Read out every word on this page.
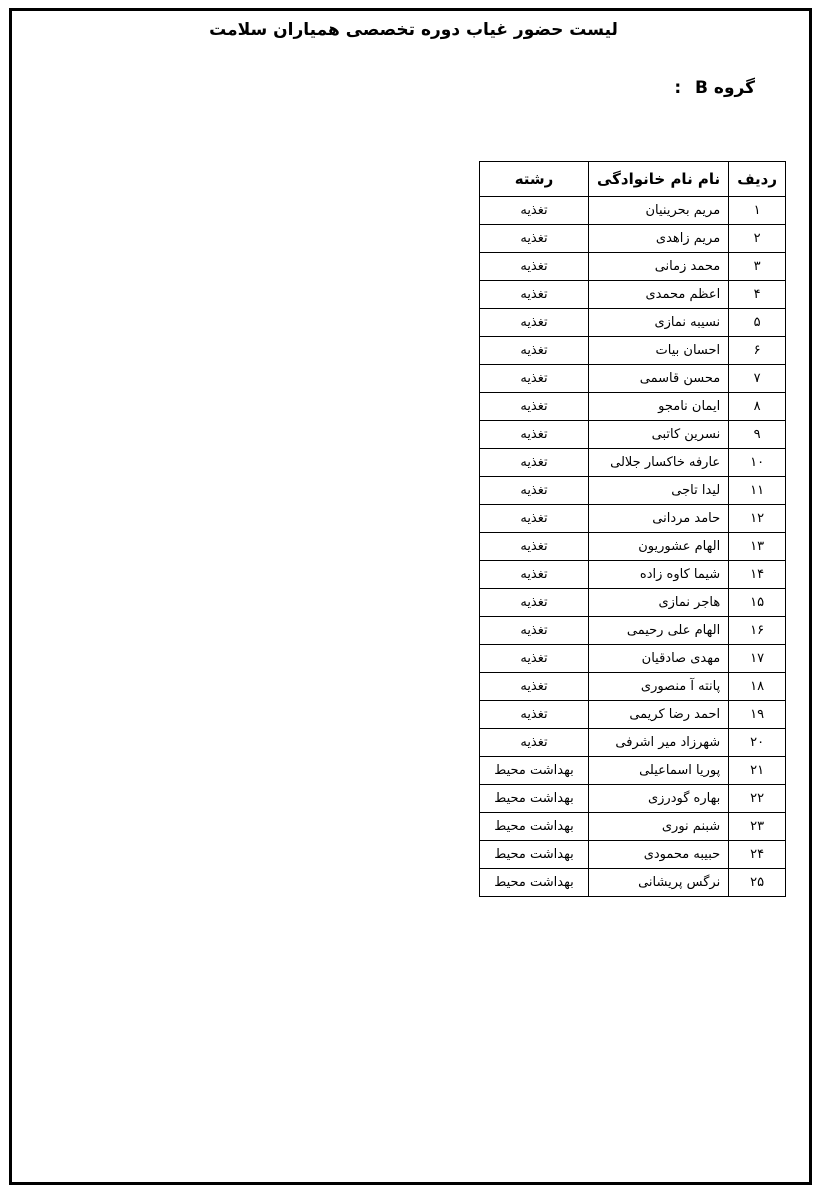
لیست حضور غیاب دوره تخصصی همیاران سلامت
گروه B :
ردیف	نام نام خانوادگی	رشته
۱	مریم بحرینیان	تغذیه
۲	مریم زاهدی	تغذیه
۳	محمد زمانی	تغذیه
۴	اعظم محمدی	تغذیه
۵	نسیبه نمازی	تغذیه
۶	احسان بیات	تغذیه
۷	محسن قاسمی	تغذیه
۸	ایمان نامجو	تغذیه
۹	نسرین کاتبی	تغذیه
۱۰	عارفه خاکسار جلالی	تغذیه
۱۱	لیدا تاجی	تغذیه
۱۲	حامد مردانی	تغذیه
۱۳	الهام عشوریون	تغذیه
۱۴	شیما کاوه زاده	تغذیه
۱۵	هاجر نمازی	تغذیه
۱۶	الهام علی رحیمی	تغذیه
۱۷	مهدی صادقیان	تغذیه
۱۸	پانته آ منصوری	تغذیه
۱۹	احمد رضا کریمی	تغذیه
۲۰	شهرزاد میر اشرفی	تغذیه
۲۱	پوریا اسماعیلی	بهداشت محیط
۲۲	بهاره گودرزی	بهداشت محیط
۲۳	شبنم نوری	بهداشت محیط
۲۴	حبیبه محمودی	بهداشت محیط
۲۵	نرگس پریشانی	بهداشت محیط
